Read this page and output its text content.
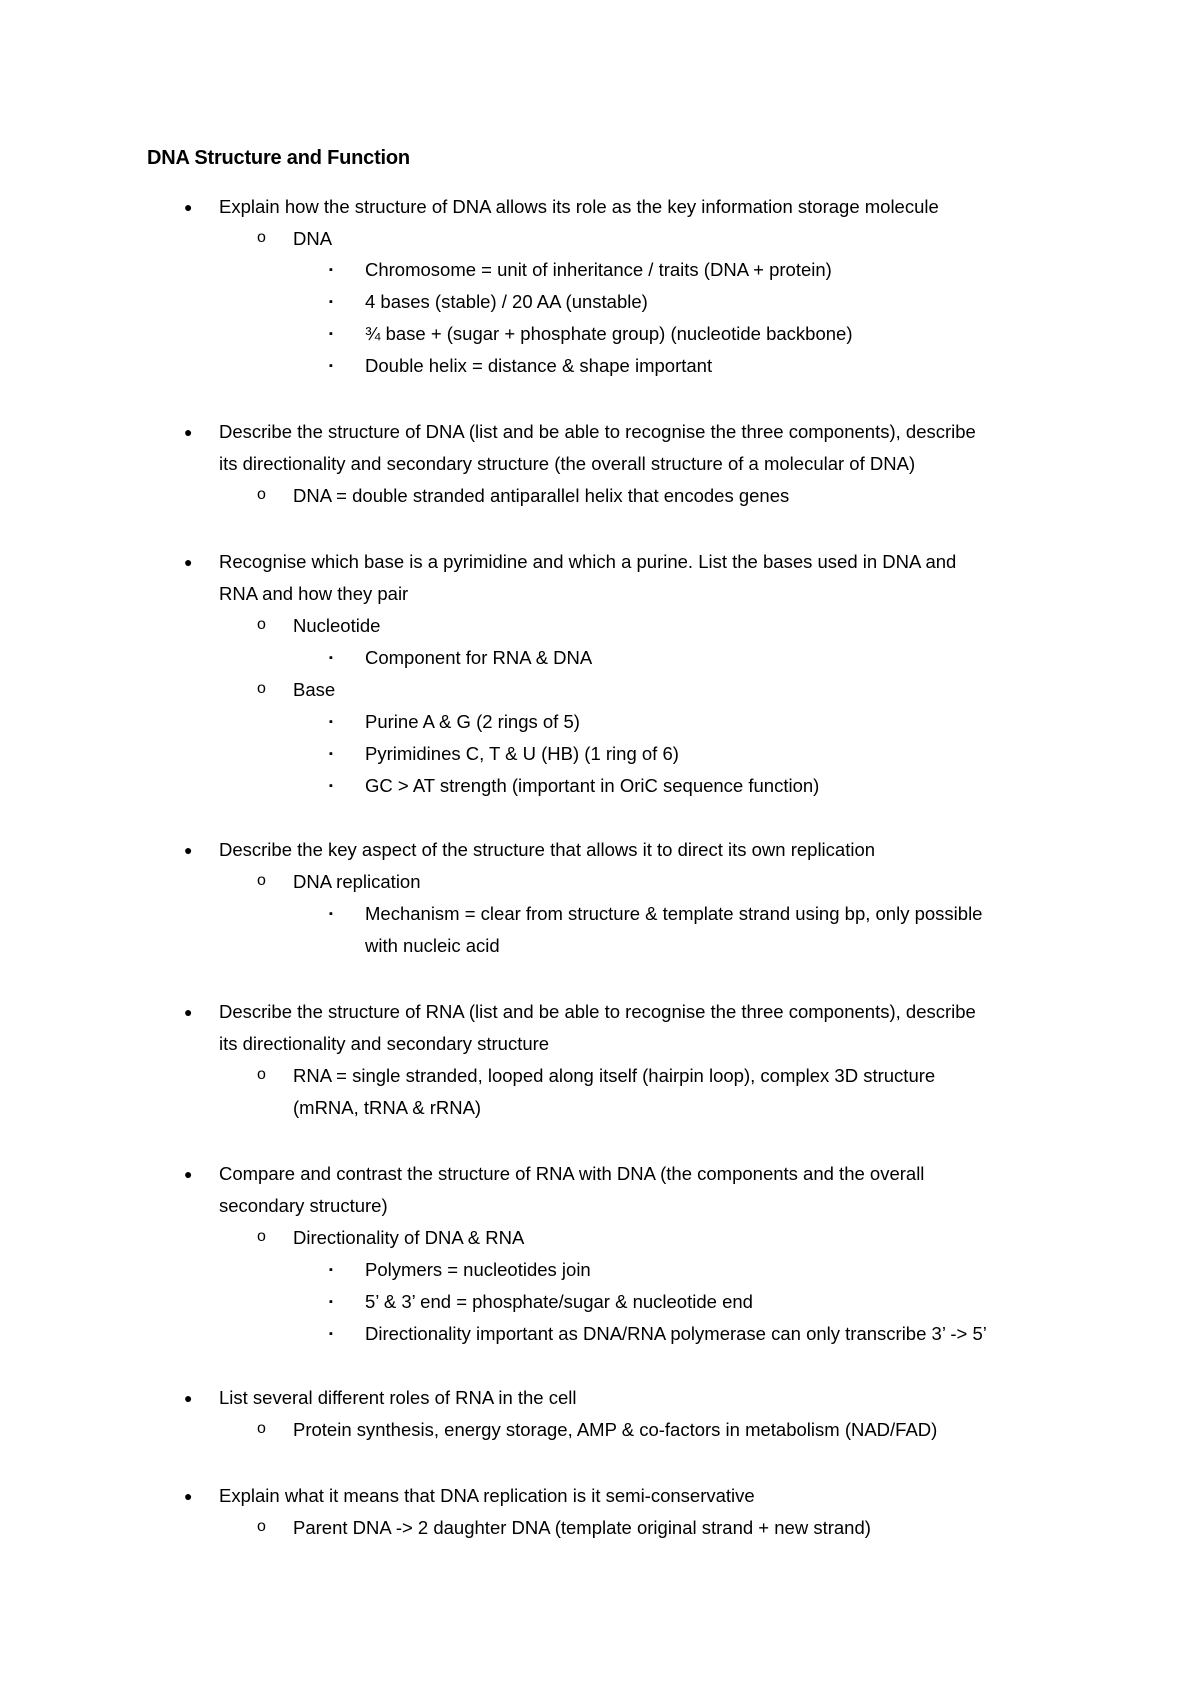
DNA Structure and Function
● Explain how the structure of DNA allows its role as the key information storage molecule
o DNA
▪ Chromosome = unit of inheritance / traits (DNA + protein)
▪ 4 bases (stable) / 20 AA (unstable)
▪ ¾ base + (sugar + phosphate group) (nucleotide backbone)
▪ Double helix = distance & shape important
● Describe the structure of DNA (list and be able to recognise the three components), describe
its directionality and secondary structure (the overall structure of a molecular of DNA)
o DNA = double stranded antiparallel helix that encodes genes
● Recognise which base is a pyrimidine and which a purine. List the bases used in DNA and
RNA and how they pair
o Nucleotide
▪ Component for RNA & DNA
o Base
▪ Purine A & G (2 rings of 5)
▪ Pyrimidines C, T & U (HB) (1 ring of 6)
▪ GC > AT strength (important in OriC sequence function)
● Describe the key aspect of the structure that allows it to direct its own replication
o DNA replication
▪ Mechanism = clear from structure & template strand using bp, only possible
with nucleic acid
● Describe the structure of RNA (list and be able to recognise the three components), describe
its directionality and secondary structure
o RNA = single stranded, looped along itself (hairpin loop), complex 3D structure
(mRNA, tRNA & rRNA)
● Compare and contrast the structure of RNA with DNA (the components and the overall
secondary structure)
o Directionality of DNA & RNA
▪ Polymers = nucleotides join
▪ 5’ & 3’ end = phosphate/sugar & nucleotide end
▪ Directionality important as DNA/RNA polymerase can only transcribe 3’ -> 5’
● List several different roles of RNA in the cell
o Protein synthesis, energy storage, AMP & co-factors in metabolism (NAD/FAD)
● Explain what it means that DNA replication is it semi-conservative
o Parent DNA -> 2 daughter DNA (template original strand + new strand)
